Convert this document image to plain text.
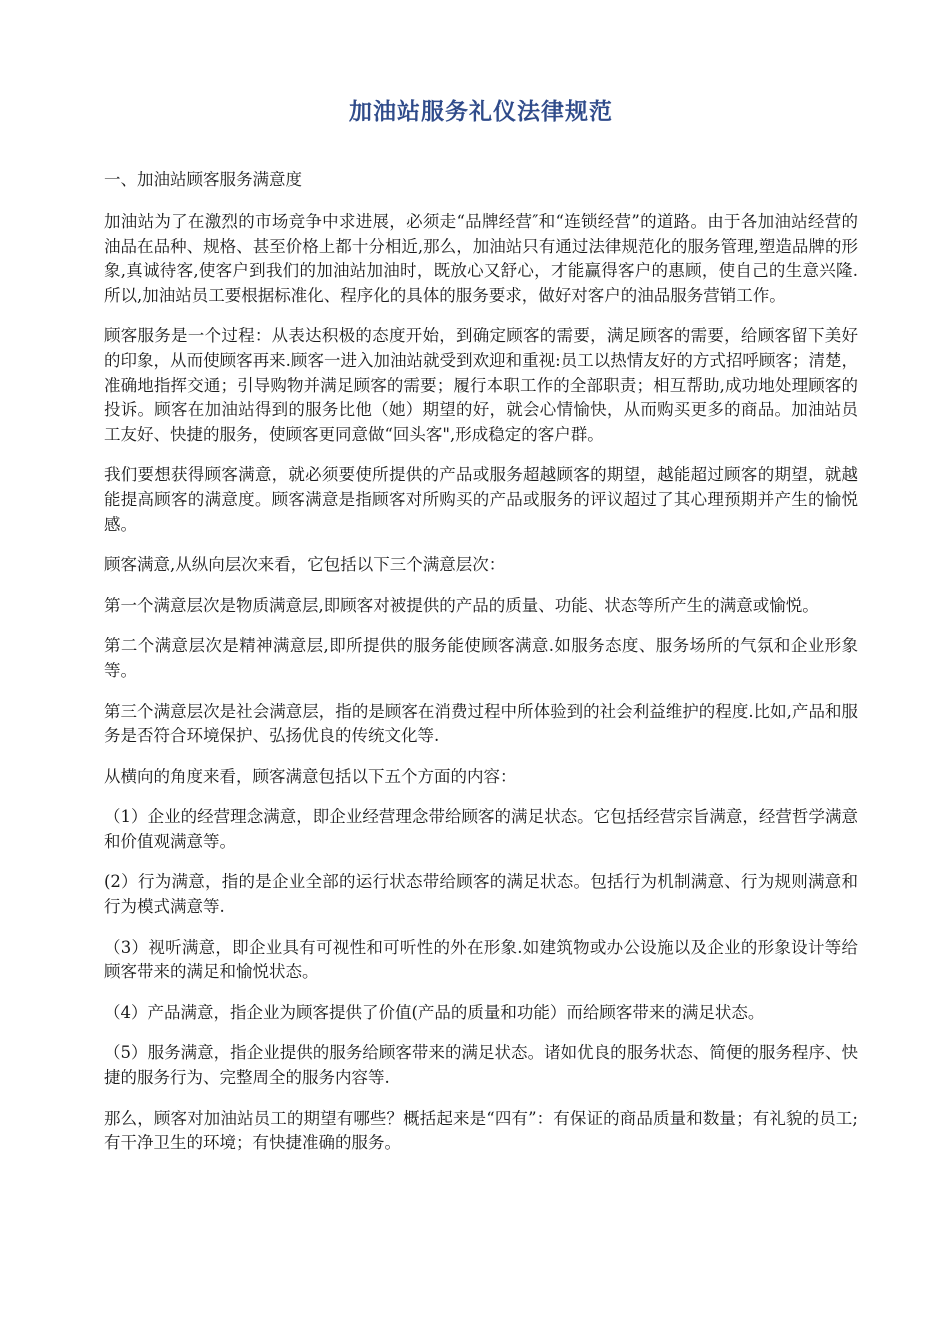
加油站服务礼仪法律规范
一、加油站顾客服务满意度

加油站为了在激烈的市场竞争中求进展，必须走“品牌经营″和“连锁经营”的道路。由于各加油站经营的油品在品种、规格、甚至价格上都十分相近,那么，加油站只有通过法律规范化的服务管理,塑造品牌的形象,真诚待客,使客户到我们的加油站加油时，既放心又舒心，才能赢得客户的惠顾，使自己的生意兴隆.所以,加油站员工要根据标准化、程序化的具体的服务要求，做好对客户的油品服务营销工作。

顾客服务是一个过程：从表达积极的态度开始，到确定顾客的需要，满足顾客的需要，给顾客留下美好的印象，从而使顾客再来.顾客一进入加油站就受到欢迎和重视:员工以热情友好的方式招呼顾客；清楚，准确地指挥交通；引导购物并满足顾客的需要；履行本职工作的全部职责；相互帮助,成功地处理顾客的投诉。顾客在加油站得到的服务比他（她）期望的好，就会心情愉快，从而购买更多的商品。加油站员工友好、快捷的服务，使顾客更同意做“回头客",形成稳定的客户群。

我们要想获得顾客满意，就必须要使所提供的产品或服务超越顾客的期望，越能超过顾客的期望，就越能提高顾客的满意度。顾客满意是指顾客对所购买的产品或服务的评议超过了其心理预期并产生的愉悦感。

顾客满意,从纵向层次来看，它包括以下三个满意层次：

第一个满意层次是物质满意层,即顾客对被提供的产品的质量、功能、状态等所产生的满意或愉悦。

第二个满意层次是精神满意层,即所提供的服务能使顾客满意.如服务态度、服务场所的气氛和企业形象等。

第三个满意层次是社会满意层，指的是顾客在消费过程中所体验到的社会利益维护的程度.比如,产品和服务是否符合环境保护、弘扬优良的传统文化等.

从横向的角度来看，顾客满意包括以下五个方面的内容：

（1）企业的经营理念满意，即企业经营理念带给顾客的满足状态。它包括经营宗旨满意，经营哲学满意和价值观满意等。

(2）行为满意，指的是企业全部的运行状态带给顾客的满足状态。包括行为机制满意、行为规则满意和行为模式满意等.

（3）视听满意，即企业具有可视性和可听性的外在形象.如建筑物或办公设施以及企业的形象设计等给顾客带来的满足和愉悦状态。

（4）产品满意，指企业为顾客提供了价值(产品的质量和功能）而给顾客带来的满足状态。

（5）服务满意，指企业提供的服务给顾客带来的满足状态。诸如优良的服务状态、简便的服务程序、快捷的服务行为、完整周全的服务内容等.

那么，顾客对加油站员工的期望有哪些？概括起来是“四有”：有保证的商品质量和数量；有礼貌的员工;有干净卫生的环境；有快捷准确的服务。
